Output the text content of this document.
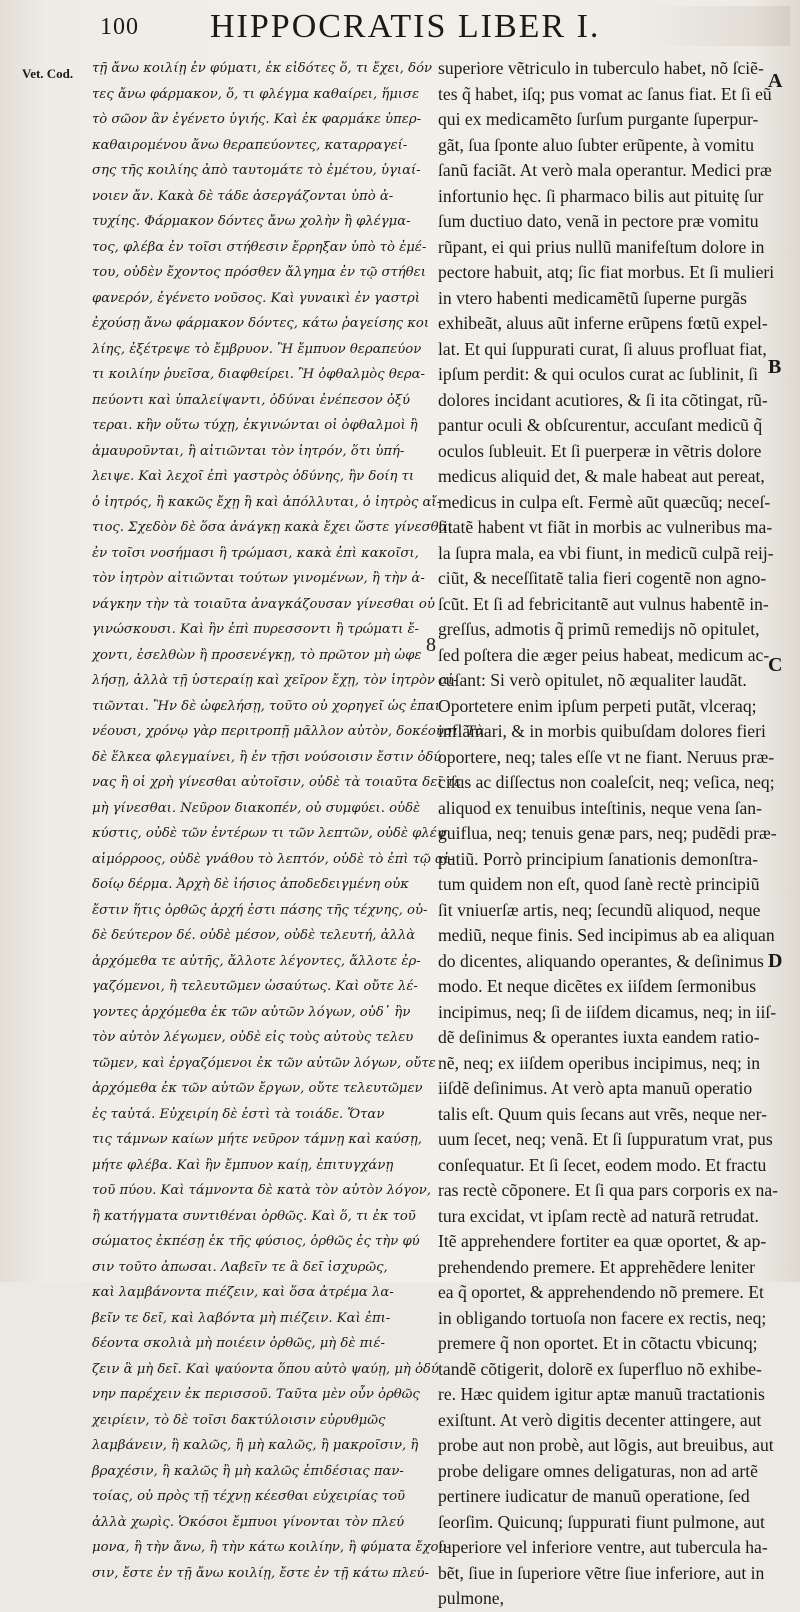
100 HIPPOCRATIS LIBER I.
Vet. Cod. τῇ ἄνω κοιλίῃ ἐν φύματι, ἐκ εἰδότες ὅ, τι ἔχει, δόν
τες ἄνω φάρμακον, ὅ, τι φλέγμα καθαίρει, ἥμισε
τὸ σῶον ἂν ἐγένετο ὑγιής. Καὶ ἐκ φαρμάκε ὑπερ-
καθαιρομένου ἄνω θεραπεύοντες, καταρραγεί-
σης τῆς κοιλίης ἀπὸ ταυτομάτε τὸ ἐμέτου, ὑγιαί-
νοιεν ἄν. Κακὰ δὲ τάδε ἀσεργάζονται ὑπὸ ἀ-
τυχίης. Φάρμακον δόντες ἄνω χολὴν ἢ φλέγμα-
τος, φλέβα ἐν τοῖσι στήθεσιν ἔρρηξαν ὑπὸ τὸ ἐμέ-
του, οὐδὲν ἔχοντος πρόσθεν ἄλγημα ἐν τῷ στήθει
φανερόν, ἐγένετο νοῦσος. Καὶ γυναικὶ ἐν γαστρὶ
ἐχούσῃ ἄνω φάρμακον δόντες, κάτω ῥαγείσης κοι
λίης, ἐξέτρεψε τὸ ἔμβρυον. Ἢ ἔμπυον θεραπεύον
τι κοιλίην ῥυεῖσα, διαφθείρει. Ἢ ὀφθαλμὸς θερα-
πεύοντι καὶ ὑπαλείψαντι, ὀδύναι ἐνέπεσον ὀξύ
τεραι. κἢν οὕτω τύχῃ, ἐκγινώνται οἱ ὀφθαλμοὶ ἢ
ἀμαυροῦνται, ἢ αἰτιῶνται τὸν ἰητρόν, ὅτι ὑπή-
λειψε. Καὶ λεχοῖ ἐπὶ γαστρὸς ὀδύνης, ἢν δοίη τι
ὁ ἰητρός, ἢ κακῶς ἔχῃ ἢ καὶ ἀπόλλυται, ὁ ἰητρὸς αἴ-
τιος. Σχεδὸν δὲ ὅσα ἀνάγκῃ κακὰ ἔχει ὥστε γίνεσθαι
ἐν τοῖσι νοσήμασι ἢ τρώμασι, κακὰ ἐπὶ κακοῖσι,
τὸν ἰητρὸν αἰτιῶνται τούτων γινομένων, ἢ τὴν ἀ-
νάγκην τὴν τὰ τοιαῦτα ἀναγκάζουσαν γίνεσθαι οὐ
γινώσκουσι. Καὶ ἢν ἐπὶ πυρεσσοντι ἢ τρώματι ἔ-
χοντι, ἐσελθὼν ἢ προσενέγκῃ, τὸ πρῶτον μὴ ὠφε
λήσῃ, ἀλλὰ τῇ ὑστεραίῃ καὶ χεῖρον ἔχῃ, τὸν ἰητρὸν αἰ-
τιῶνται. Ἢν δὲ ὠφελήσῃ, τοῦτο οὐ χορηγεῖ ὡς ἐπαι
νέουσι, χρόνῳ γὰρ περιτροπῇ μᾶλλον αὐτὸν, δοκέουσι. Τὰ
δὲ ἕλκεα φλεγμαίνει, ἢ ἐν τῇσι νούσοισιν ἔστιν ὀδύ
νας ἢ οἱ χρὴ γίνεσθαι αὐτοῖσιν, οὐδὲ τὰ τοιαῦτα δεῖ τε
μὴ γίνεσθαι. Νεῦρον διακοπέν, οὐ συμφύει. οὐδὲ
κύστις, οὐδὲ τῶν ἐντέρων τι τῶν λεπτῶν, οὐδὲ φλέψ
αἱμόρροος, οὐδὲ γνάθου τὸ λεπτόν, οὐδὲ τὸ ἐπὶ τῷ αἰ-
δοίῳ δέρμα. Ἀρχὴ δὲ ἰήσιος ἀποδεδειγμένη οὐκ
ἔστιν ἥτις ὀρθῶς ἀρχή ἐστι πάσης τῆς τέχνης, οὐ-
δὲ δεύτερον δέ. οὐδὲ μέσον, οὐδὲ τελευτή, ἀλλὰ
ἀρχόμεθα τε αὐτῆς, ἄλλοτε λέγοντες, ἄλλοτε ἐρ-
γαζόμενοι, ἢ τελευτῶμεν ὡσαύτως. Καὶ οὔτε λέ-
γοντες ἀρχόμεθα ἐκ τῶν αὐτῶν λόγων, οὐδ᾽ ἢν
τὸν αὐτὸν λέγωμεν, οὐδὲ εἰς τοὺς αὐτοὺς τελευ
τῶμεν, καὶ ἐργαζόμενοι ἐκ τῶν αὐτῶν λόγων, οὔτε
ἀρχόμεθα ἐκ τῶν αὐτῶν ἔργων, οὔτε τελευτῶμεν
ἐς ταὐτά. Εὐχειρίη δὲ ἐστὶ τὰ τοιάδε. Ὅταν
τις τάμνων καίων μήτε νεῦρον τάμνῃ καὶ καύσῃ,
μήτε φλέβα. Καὶ ἢν ἔμπυον καίῃ, ἐπιτυγχάνῃ
τοῦ πύου. Καὶ τάμνοντα δὲ κατὰ τὸν αὐτὸν λόγον,
ἢ κατήγματα συντιθέναι ὀρθῶς. Καὶ ὅ, τι ἐκ τοῦ
σώματος ἐκπέσῃ ἐκ τῆς φύσιος, ὀρθῶς ἐς τὴν φύ
σιν τοῦτο ἀπωσαι. Λαβεῖν τε ἃ δεῖ ἰσχυρῶς,
καὶ λαμβάνοντα πιέζειν, καὶ ὅσα ἀτρέμα λα-
βεῖν τε δεῖ, καὶ λαβόντα μὴ πιέζειν. Καὶ ἐπι-
δέοντα σκολιὰ μὴ ποιέειν ὀρθῶς, μὴ δὲ πιέ-
ζειν ἃ μὴ δεῖ. Καὶ ψαύοντα ὅπου αὐτὸ ψαύῃ, μὴ ὀδύ
νην παρέχειν ἐκ περισσοῦ. Ταῦτα μὲν οὖν ὀρθῶς
χειρίειν, τὸ δὲ τοῖσι δακτύλοισιν εὐρυθμῶς
λαμβάνειν, ἢ καλῶς, ἢ μὴ καλῶς, ἢ μακροῖσιν, ἢ
βραχέσιν, ἢ καλῶς ἢ μὴ καλῶς ἐπιδέσιας παν-
τοίας, οὐ πρὸς τῇ τέχνῃ κέεσθαι εὐχειρίας τοῦ
ἀλλὰ χωρὶς. Ὁκόσοι ἔμπυοι γίνονται τὸν πλεύ
μονα, ἢ τὴν ἄνω, ἢ τὴν κάτω κοιλίην, ἢ φύματα ἔχου-
σιν, ἔστε ἐν τῇ ἄνω κοιλίῃ, ἔστε ἐν τῇ κάτω πλεύ-
8
superiore vẽtriculo in tuberculo habet, nõ ſciẽ-
tes q̃ habet, iſq; pus vomat ac ſanus fiat. Et ſi eũ
qui ex medicamẽto ſurſum purgante ſuperpur-
gãt, ſua ſponte aluo ſubter erũpente, à vomitu
ſanũ faciãt. At verò mala operantur. Medici præ
infortunio hęc. ſi pharmaco bilis aut pituitę ſur
ſum ductiuo dato, venã in pectore præ vomitu
rũpant, ei qui prius nullũ manifeſtum dolore in
pectore habuit, atq; ſic fiat morbus. Et ſi mulieri
in vtero habenti medicamẽtũ ſuperne purgãs
exhibeãt, aluus aũt inferne erũpens fœtũ expel-
lat. Et qui ſuppurati curat, ſi aluus profluat fiat,
ipſum perdit: & qui oculos curat ac ſublinit, ſi
dolores incidant acutiores, & ſi ita cõtingat, rũ-
pantur oculi & obſcurentur, accuſant medicũ q̃
oculos ſubleuit. Et ſi puerperæ in vẽtris dolore
medicus aliquid det, & male habeat aut pereat,
medicus in culpa eſt. Fermè aũt quæcũq; neceſ-
ſitatẽ habent vt fiãt in morbis ac vulneribus ma-
la ſupra mala, ea vbi fiunt, in medicũ culpã reij-
ciũt, & neceſſitatẽ talia fieri cogentẽ non agno-
ſcũt. Et ſi ad febricitantẽ aut vulnus habentẽ in-
greſſus, admotis q̃ primũ remedijs nõ opitulet,
ſed poſtera die æger peius habeat, medicum ac-
cuſant: Si verò opitulet, nõ æqualiter laudãt.
Oportetere enim ipſum perpeti putãt, vlceraq;
inflãmari, & in morbis quibuſdam dolores fieri
oportere, neq; tales eſſe vt ne fiant. Neruus præ-
ciſus ac diſſectus non coaleſcit, neq; veſica, neq;
aliquod ex tenuibus inteſtinis, neque vena ſan-
guiflua, neq; tenuis genæ pars, neq; pudẽdi præ-
putiũ. Porrò principium ſanationis demonſtra-
tum quidem non eſt, quod ſanè rectè principiũ
ſit vniuerſæ artis, neq; ſecundũ aliquod, neque
mediũ, neque finis. Sed incipimus ab ea aliquan
do dicentes, aliquando operantes, & deſinimus
modo. Et neque dicẽtes ex iiſdem ſermonibus
incipimus, neq; ſi de iiſdem dicamus, neq; in iiſ-
dẽ deſinimus & operantes iuxta eandem ratio-
nẽ, neq; ex iiſdem operibus incipimus, neq; in
iiſdẽ deſinimus. At verò apta manuũ operatio
talis eſt. Quum quis ſecans aut vrẽs, neque ner-
uum ſecet, neq; venã. Et ſi ſuppuratum vrat, pus
conſequatur. Et ſi ſecet, eodem modo. Et fractu
ras rectè cõponere. Et ſi qua pars corporis ex na-
tura excidat, vt ipſam rectè ad naturã retrudat.
Itẽ apprehendere fortiter ea quæ oportet, & ap-
prehendendo premere. Et apprehẽdere leniter
ea q̃ oportet, & apprehendendo nõ premere. Et
in obligando tortuoſa non facere ex rectis, neq;
premere q̃ non oportet. Et in cõtactu vbicunq;
tandẽ cõtigerit, dolorẽ ex ſuperfluo nõ exhibe-
re. Hæc quidem igitur aptæ manuũ tractationis
exiſtunt. At verò digitis decenter attingere, aut
probe aut non probè, aut lõgis, aut breuibus, aut
probe deligare omnes deligaturas, non ad artẽ
pertinere iudicatur de manuũ operatione, ſed
ſeorſim. Quicunq; ſuppurati fiunt pulmone, aut
ſuperiore vel inferiore ventre, aut tubercula ha-
bẽt, ſiue in ſuperiore vẽtre ſiue inferiore, aut in
pulmone,
A
B
C
D
